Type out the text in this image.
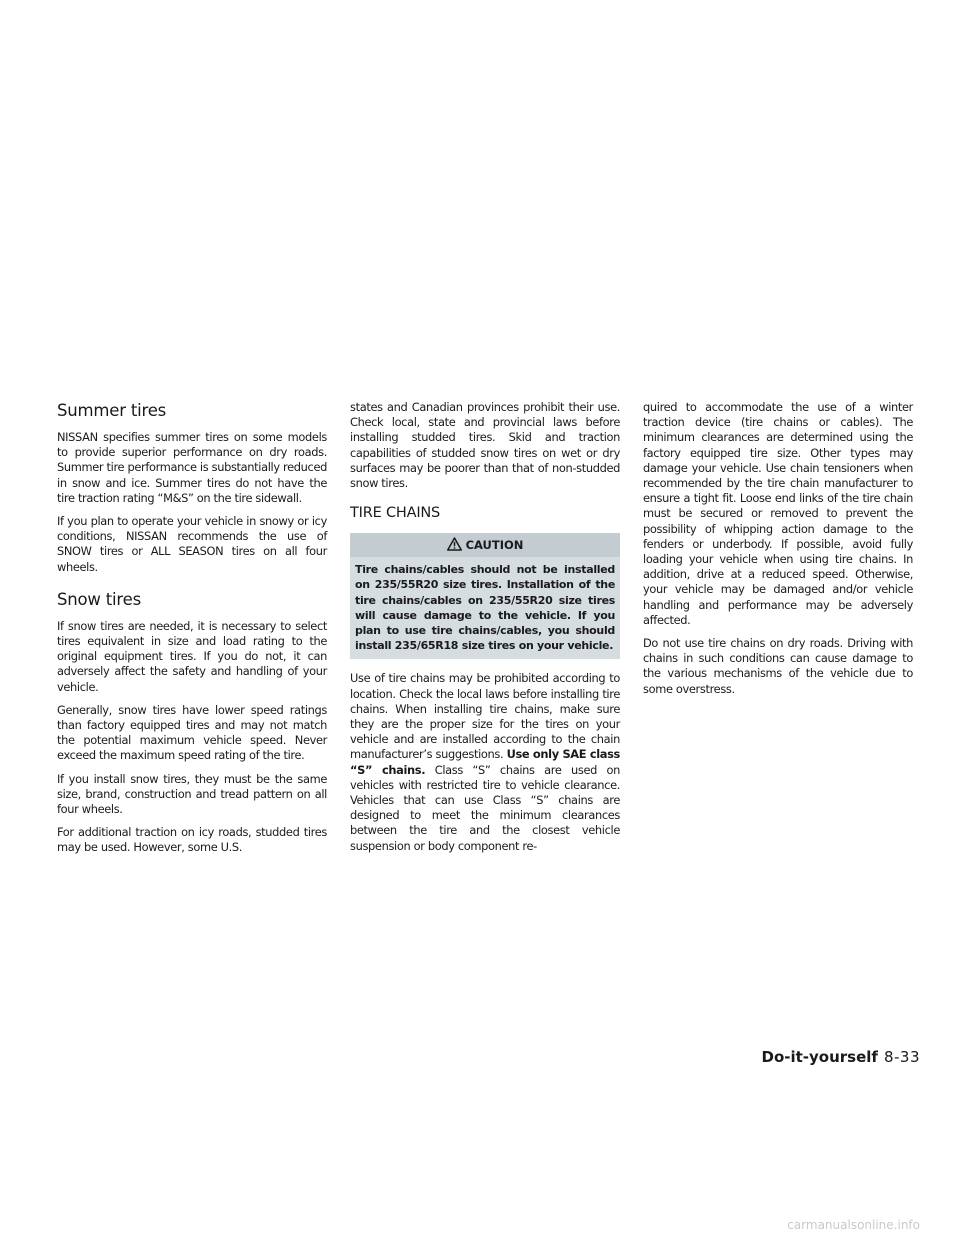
Summer tires

NISSAN specifies summer tires on some models to provide superior performance on dry roads. Summer tire performance is substantially reduced in snow and ice. Summer tires do not have the tire traction rating “M&S” on the tire sidewall.

If you plan to operate your vehicle in snowy or icy conditions, NISSAN recommends the use of SNOW tires or ALL SEASON tires on all four wheels.

Snow tires

If snow tires are needed, it is necessary to select tires equivalent in size and load rating to the original equipment tires. If you do not, it can adversely affect the safety and handling of your vehicle.

Generally, snow tires have lower speed ratings than factory equipped tires and may not match the potential maximum vehicle speed. Never exceed the maximum speed rating of the tire.

If you install snow tires, they must be the same size, brand, construction and tread pattern on all four wheels.

For additional traction on icy roads, studded tires may be used. However, some U.S.

states and Canadian provinces prohibit their use. Check local, state and provincial laws before installing studded tires. Skid and traction capabilities of studded snow tires on wet or dry surfaces may be poorer than that of non-studded snow tires.

TIRE CHAINS
CAUTION
Tire chains/cables should not be installed on 235/55R20 size tires. Installation of the tire chains/cables on 235/55R20 size tires will cause damage to the vehicle. If you plan to use tire chains/cables, you should install 235/65R18 size tires on your vehicle.

Use of tire chains may be prohibited according to location. Check the local laws before installing tire chains. When installing tire chains, make sure they are the proper size for the tires on your vehicle and are installed according to the chain manufacturer’s suggestions. Use only SAE class “S” chains. Class “S” chains are used on vehicles with restricted tire to vehicle clearance. Vehicles that can use Class “S” chains are designed to meet the minimum clearances between the tire and the closest vehicle suspension or body component re-

quired to accommodate the use of a winter traction device (tire chains or cables). The minimum clearances are determined using the factory equipped tire size. Other types may damage your vehicle. Use chain tensioners when recommended by the tire chain manufacturer to ensure a tight fit. Loose end links of the tire chain must be secured or removed to prevent the possibility of whipping action damage to the fenders or underbody. If possible, avoid fully loading your vehicle when using tire chains. In addition, drive at a reduced speed. Otherwise, your vehicle may be damaged and/or vehicle handling and performance may be adversely affected.

Do not use tire chains on dry roads. Driving with chains in such conditions can cause damage to the various mechanisms of the vehicle due to some overstress.

Do-it-yourself 8-33
carmanualsonline.info
